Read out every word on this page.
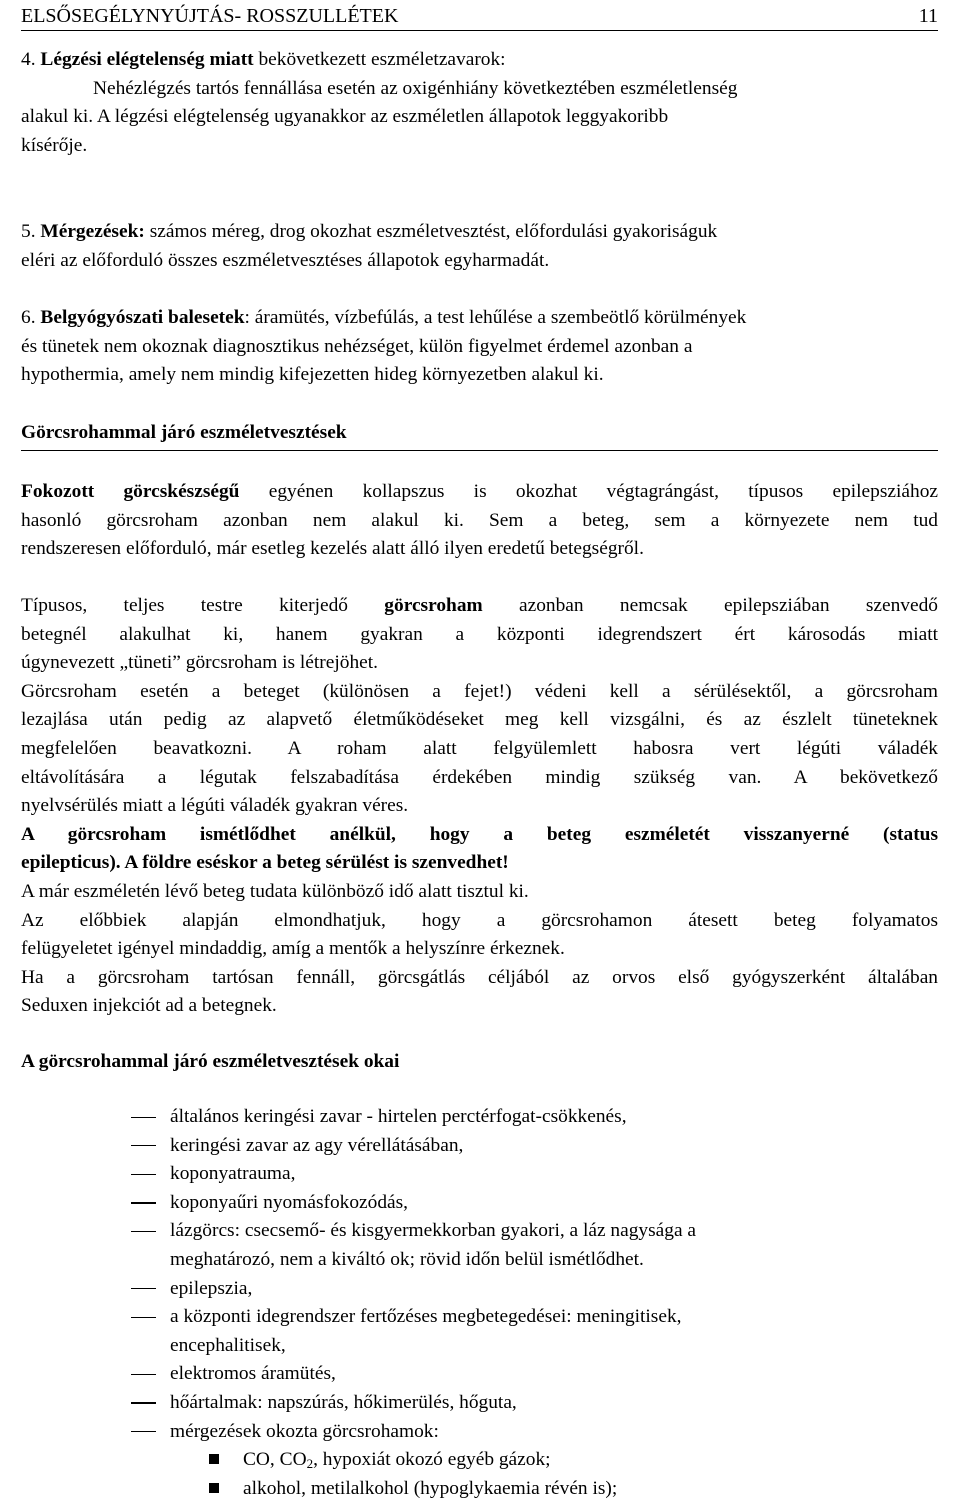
ELSŐSEGÉLYNYÚJTÁS- ROSSZULLÉTEK	11
4. Légzési elégtelenség miatt bekövetkezett eszméletzavarok:
Nehézlégzés tartós fennállása esetén az oxigénhiány következtében eszméletlenség
alakul ki. A légzési elégtelenség ugyanakkor az eszméletlen állapotok leggyakoribb
kísérője.
5. Mérgezések: számos méreg, drog okozhat eszméletvesztést, előfordulási gyakoriságuk
eléri az előforduló összes eszméletvesztéses állapotok egyharmadát.
6. Belgyógyószati balesetek: áramütés, vízbefúlás, a test lehűlése a szembeötlő körülmények
és tünetek nem okoznak diagnosztikus nehézséget, külön figyelmet érdemel azonban a
hypothermia, amely nem mindig kifejezetten hideg környezetben alakul ki.
Görcsrohammal járó eszméletvesztések
Fokozott görcskészségű egyénen kollapszus is okozhat végtagrángást, típusos epilepsziához
hasonló görcsroham azonban nem alakul ki. Sem a beteg, sem a környezete nem tud
rendszeresen előforduló, már esetleg kezelés alatt álló ilyen eredetű betegségről.
Típusos, teljes testre kiterjedő görcsroham azonban nemcsak epilepsziában szenvedő
betegnél alakulhat ki, hanem gyakran a központi idegrendszert ért károsodás miatt
úgynevezett „tüneti” görcsroham is létrejöhet.
Görcsroham esetén a beteget (különösen a fejet!) védeni kell a sérülésektől, a görcsroham
lezajlása után pedig az alapvető életműködéseket meg kell vizsgálni, és az észlelt tüneteknek
megfelelően beavatkozni. A roham alatt felgyülemlett habosra vert légúti váladék
eltávolítására a légutak felszabadítása érdekében mindig szükség van. A bekövetkező
nyelvsérülés miatt a légúti váladék gyakran véres.
A görcsroham ismétlődhet anélkül, hogy a beteg eszméletét visszanyerné (status
epilepticus). A földre eséskor a beteg sérülést is szenvedhet!
A már eszméletén lévő beteg tudata különböző idő alatt tisztul ki.
Az előbbiek alapján elmondhatjuk, hogy a görcsrohamon átesett beteg folyamatos
felügyeletet igényel mindaddig, amíg a mentők a helyszínre érkeznek.
Ha a görcsroham tartósan fennáll, görcsgátlás céljából az orvos első gyógyszerként általában
Seduxen injekciót ad a betegnek.
A görcsrohammal járó eszméletvesztések okai
általános keringési zavar - hirtelen perctérfogat-csökkenés,
keringési zavar az agy vérellátásában,
koponyatrauma,
koponyaűri nyomásfokozódás,
lázgörcs: csecsemő- és kisgyermekkorban gyakori, a láz nagysága a
meghatározó, nem a kiváltó ok; rövid időn belül ismétlődhet.
epilepszia,
a központi idegrendszer fertőzéses megbetegedései: meningitisek,
encephalitisek,
elektromos áramütés,
hőártalmak: napszúrás, hőkimerülés, hőguta,
mérgezések okozta görcsrohamok:
CO, $CO_2$, hypoxiát okozó egyéb gázok;
alkohol, metilalkohol (hypoglykaemia révén is);
